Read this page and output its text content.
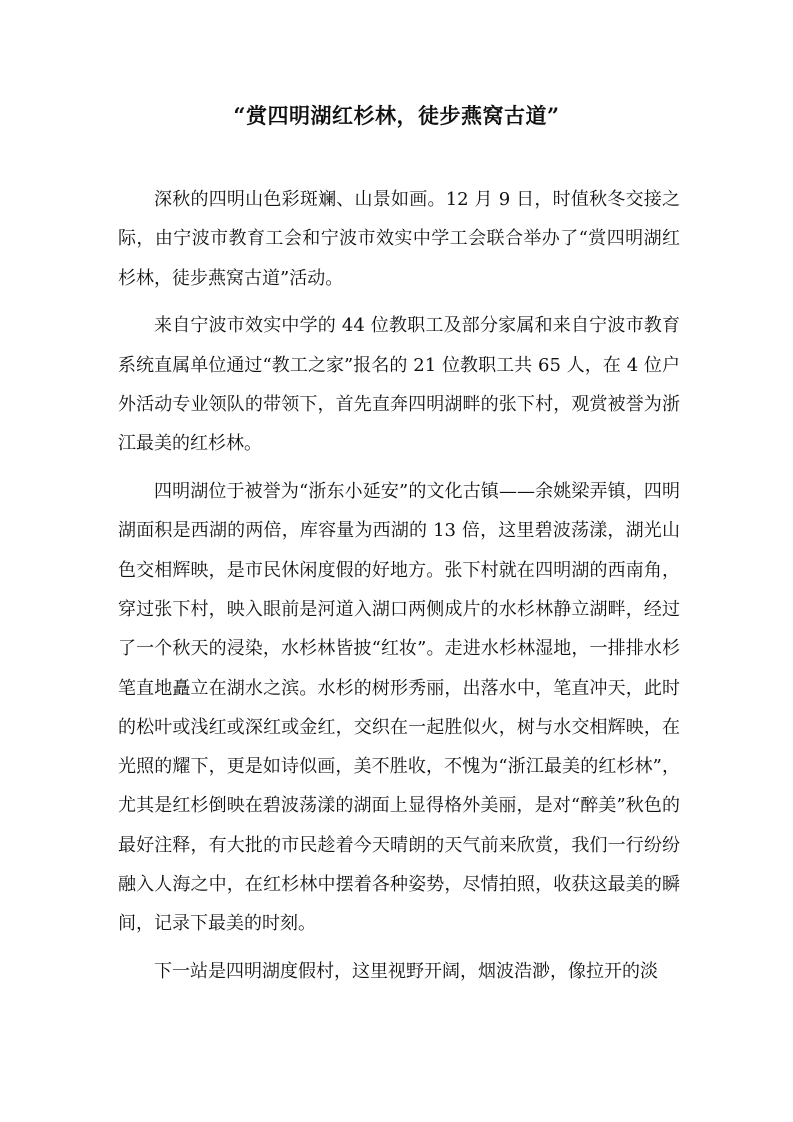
“赏四明湖红杉林，徒步燕窝古道”

深秋的四明山色彩斑斓、山景如画。12 月 9 日，时值秋冬交接之际，由宁波市教育工会和宁波市效实中学工会联合举办了“赏四明湖红杉林，徒步燕窝古道”活动。

来自宁波市效实中学的 44 位教职工及部分家属和来自宁波市教育系统直属单位通过“教工之家”报名的 21 位教职工共 65 人，在 4 位户外活动专业领队的带领下，首先直奔四明湖畔的张下村，观赏被誉为浙江最美的红杉林。

四明湖位于被誉为“浙东小延安”的文化古镇——余姚梁弄镇，四明湖面积是西湖的两倍，库容量为西湖的 13 倍，这里碧波荡漾，湖光山色交相辉映，是市民休闲度假的好地方。张下村就在四明湖的西南角，穿过张下村，映入眼前是河道入湖口两侧成片的水杉林静立湖畔，经过了一个秋天的浸染，水杉林皆披“红妆”。走进水杉林湿地，一排排水杉笔直地矗立在湖水之滨。水杉的树形秀丽，出落水中，笔直冲天，此时的松叶或浅红或深红或金红，交织在一起胜似火，树与水交相辉映，在光照的耀下，更是如诗似画，美不胜收，不愧为“浙江最美的红杉林”，尤其是红杉倒映在碧波荡漾的湖面上显得格外美丽，是对“醉美”秋色的最好注释，有大批的市民趁着今天晴朗的天气前来欣赏，我们一行纷纷融入人海之中，在红杉林中摆着各种姿势，尽情拍照，收获这最美的瞬间，记录下最美的时刻。

下一站是四明湖度假村，这里视野开阔，烟波浩渺，像拉开的淡
